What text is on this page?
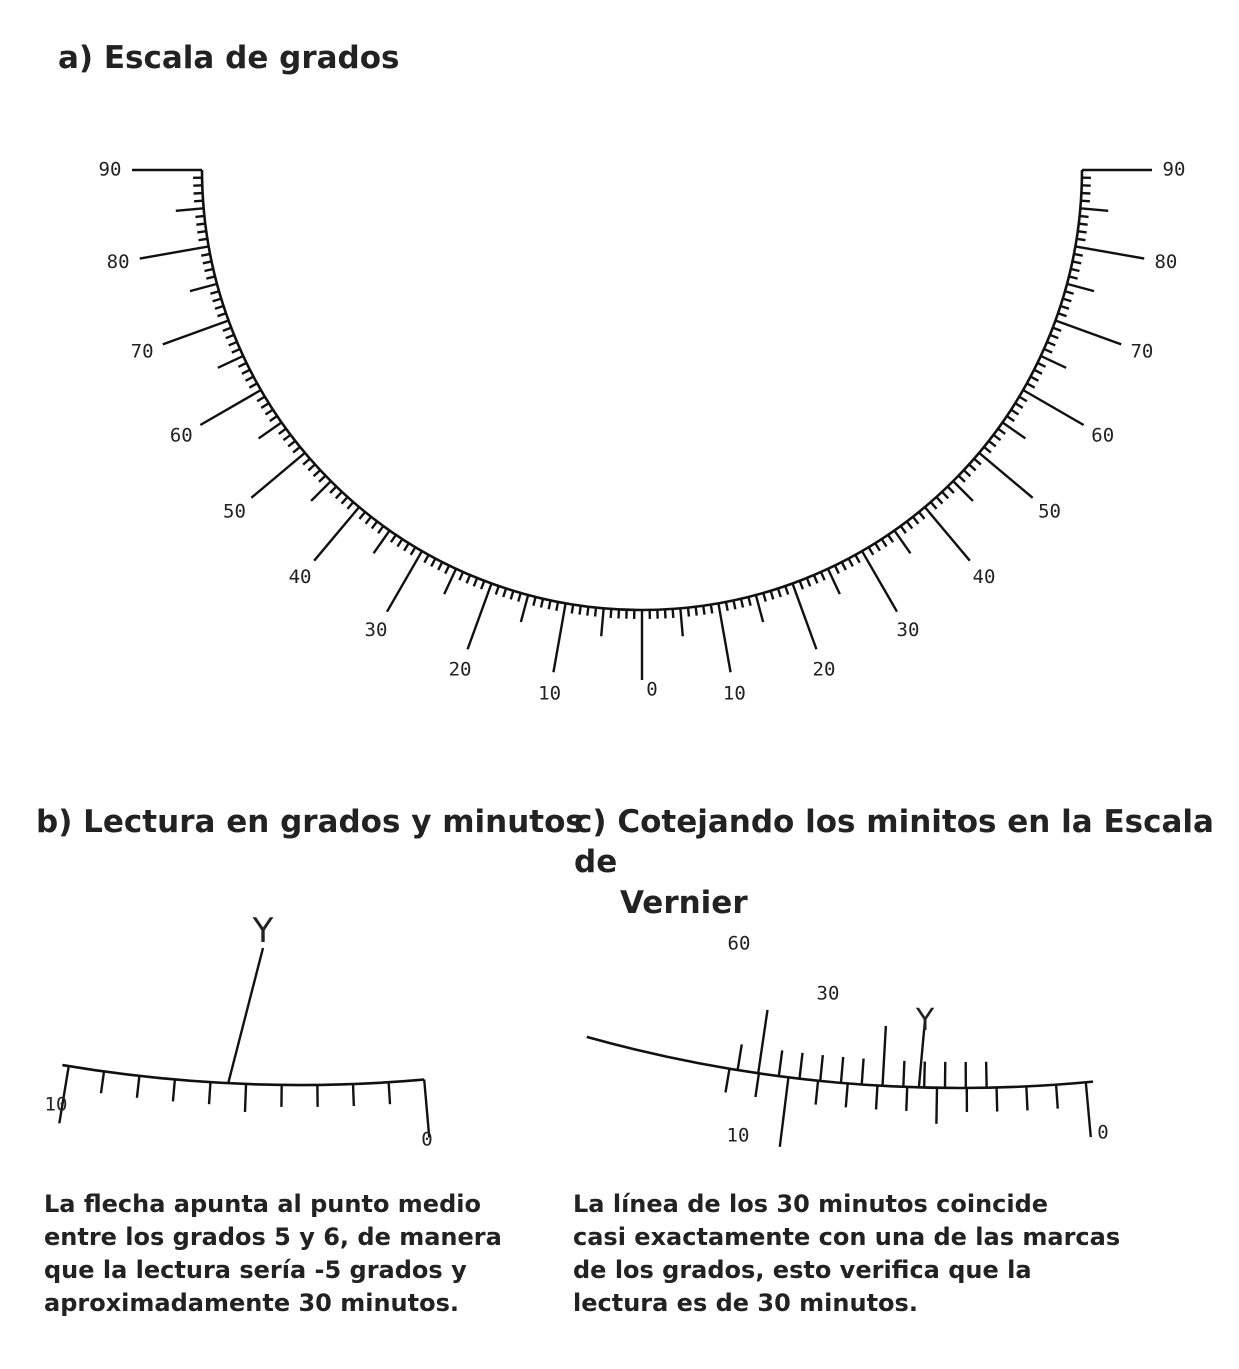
a) Escala de grados
90
80
70
60
50
40
30
20
10	10
20
30
40
50
60
70
80
90
0
10
0
Y	60
30
10	0
Y
b) Lectura en grados y minutos
c) Cotejando los minitos en la Escala de
Vernier

La flecha apunta al punto medio
entre los grados 5 y 6, de manera
que la lectura sería -5 grados y
aproximadamente 30 minutos.

La línea de los 30 minutos coincide
casi exactamente con una de las marcas
de los grados, esto verifica que la
lectura es de 30 minutos.
